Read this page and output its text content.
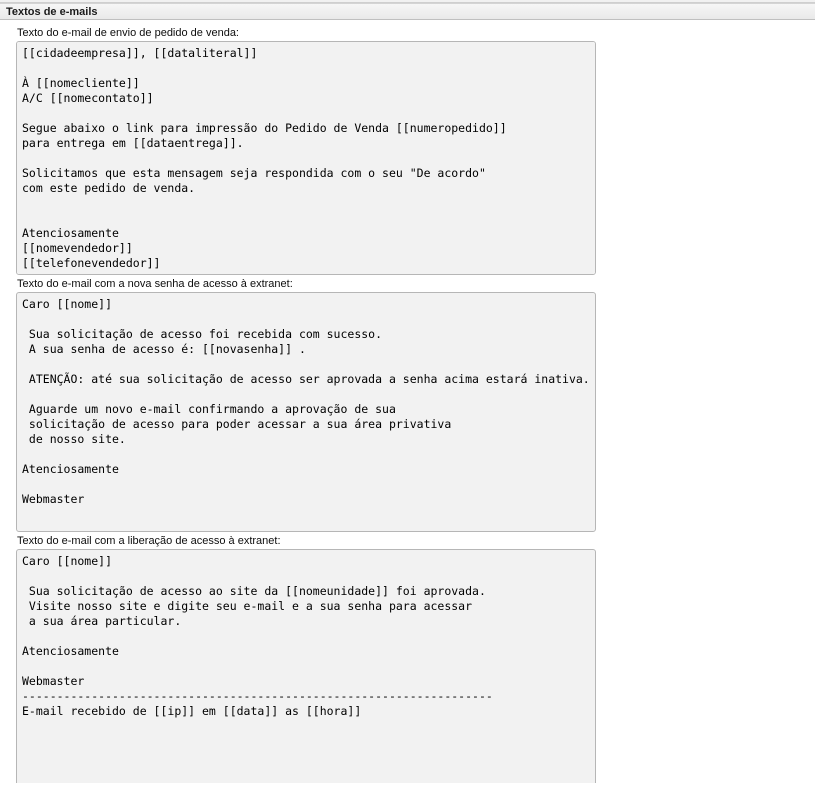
Textos de e-mails
Texto do e-mail de envio de pedido de venda:
[[cidadeempresa]], [[dataliteral]] À [[nomecliente]] A/C [[nomecontato]] Segue abaixo o link para impressão do Pedido de Venda [[numeropedido]] para entrega em [[dataentrega]]. Solicitamos que esta mensagem seja respondida com o seu "De acordo" com este pedido de venda. Atenciosamente [[nomevendedor]] [[telefonevendedor]]
Texto do e-mail com a nova senha de acesso à extranet:
Caro [[nome]] Sua solicitação de acesso foi recebida com sucesso. A sua senha de acesso é: [[novasenha]] . ATENÇÃO: até sua solicitação de acesso ser aprovada a senha acima estará inativa. Aguarde um novo e-mail confirmando a aprovação de sua solicitação de acesso para poder acessar a sua área privativa de nosso site. Atenciosamente Webmaster
Texto do e-mail com a liberação de acesso à extranet:
Caro [[nome]] Sua solicitação de acesso ao site da [[nomeunidade]] foi aprovada. Visite nosso site e digite seu e-mail e a sua senha para acessar a sua área particular. Atenciosamente Webmaster -------------------------------------------------------------------- E-mail recebido de [[ip]] em [[data]] as [[hora]]
